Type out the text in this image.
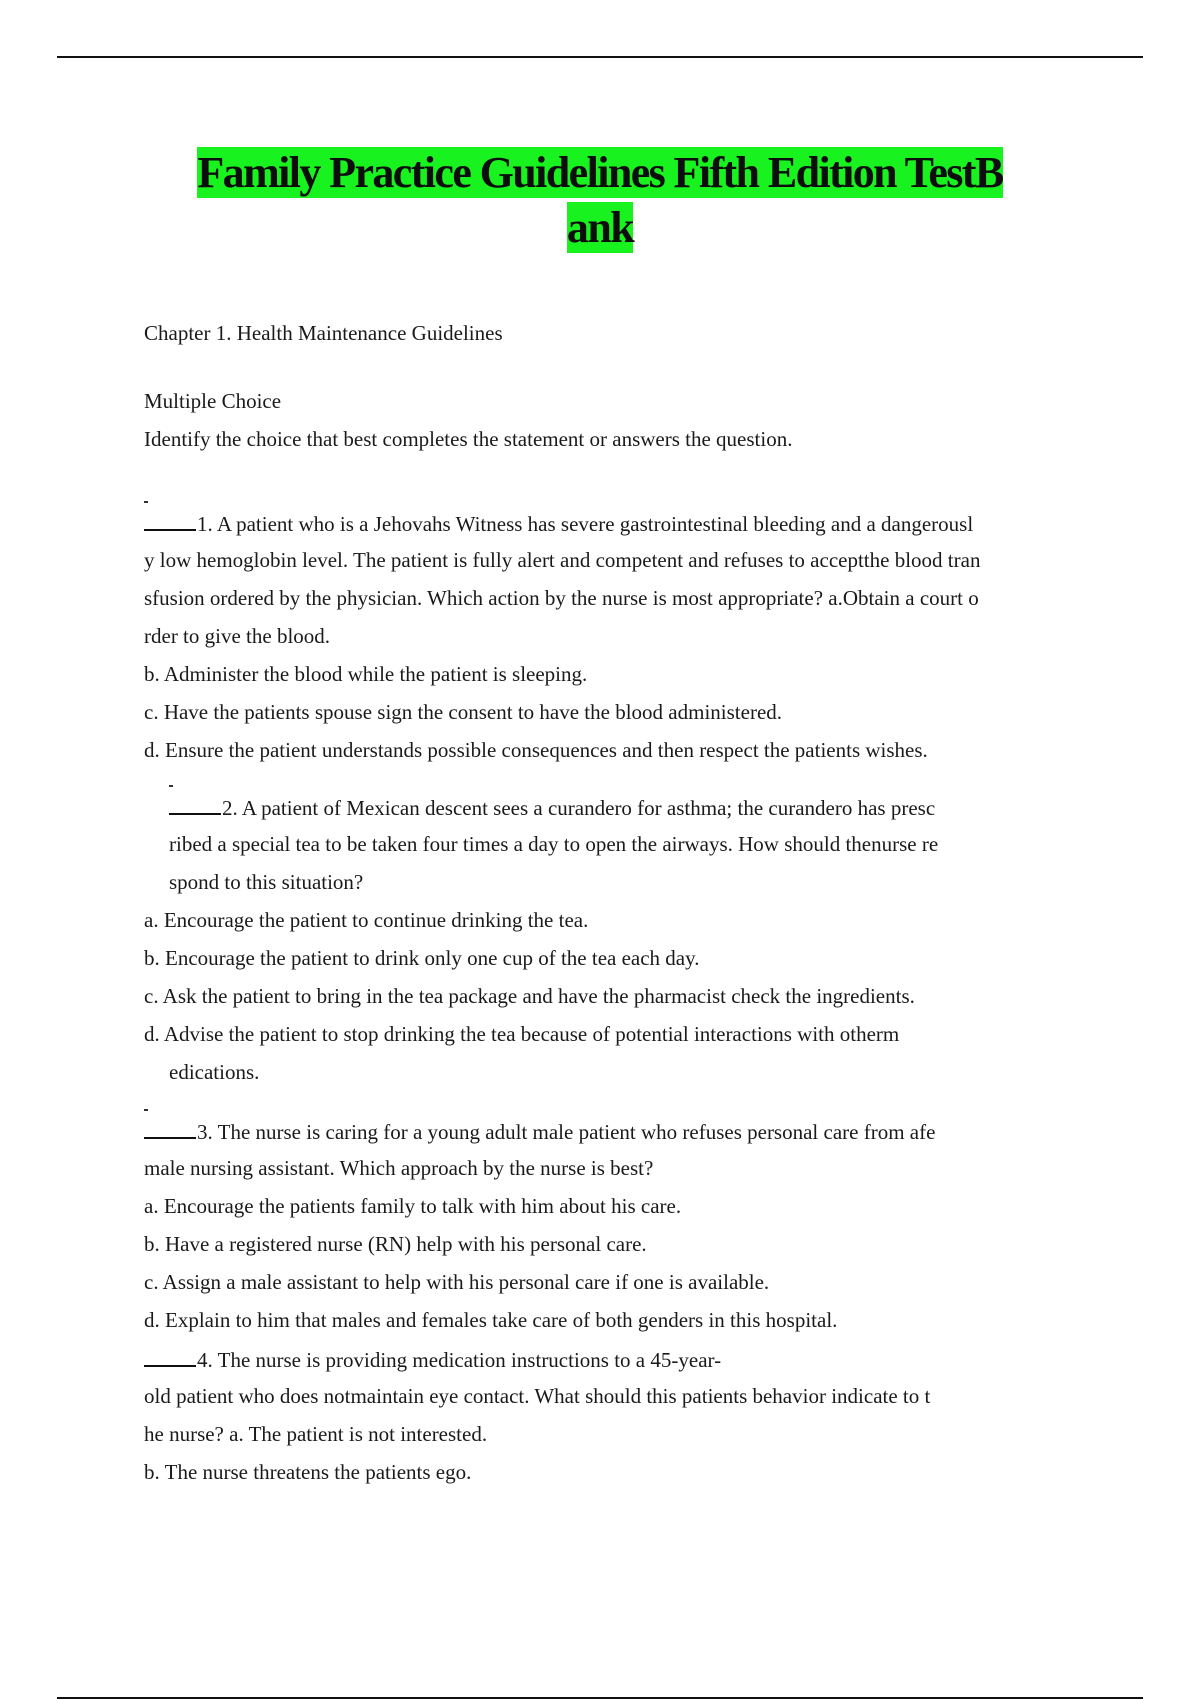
Family Practice Guidelines Fifth Edition TestB
ank
Chapter 1. Health Maintenance Guidelines
Multiple Choice
Identify the choice that best completes the statement or answers the question.
1. A patient who is a Jehovahs Witness has severe gastrointestinal bleeding and a dangerousl
y low hemoglobin level. The patient is fully alert and competent and refuses to acceptthe blood tran
sfusion ordered by the physician. Which action by the nurse is most appropriate? a.Obtain a court o
rder to give the blood.
b. Administer the blood while the patient is sleeping.
c. Have the patients spouse sign the consent to have the blood administered.
d. Ensure the patient understands possible consequences and then respect the patients wishes.
2. A patient of Mexican descent sees a curandero for asthma; the curandero has presc
ribed a special tea to be taken four times a day to open the airways. How should thenurse re
spond to this situation?
a. Encourage the patient to continue drinking the tea.
b. Encourage the patient to drink only one cup of the tea each day.
c. Ask the patient to bring in the tea package and have the pharmacist check the ingredients.
d. Advise the patient to stop drinking the tea because of potential interactions with otherm
edications.
3. The nurse is caring for a young adult male patient who refuses personal care from afe
male nursing assistant. Which approach by the nurse is best?
a. Encourage the patients family to talk with him about his care.
b. Have a registered nurse (RN) help with his personal care.
c. Assign a male assistant to help with his personal care if one is available.
d. Explain to him that males and females take care of both genders in this hospital.
4. The nurse is providing medication instructions to a 45-year-
old patient who does notmaintain eye contact. What should this patients behavior indicate to t
he nurse? a. The patient is not interested.
b. The nurse threatens the patients ego.
